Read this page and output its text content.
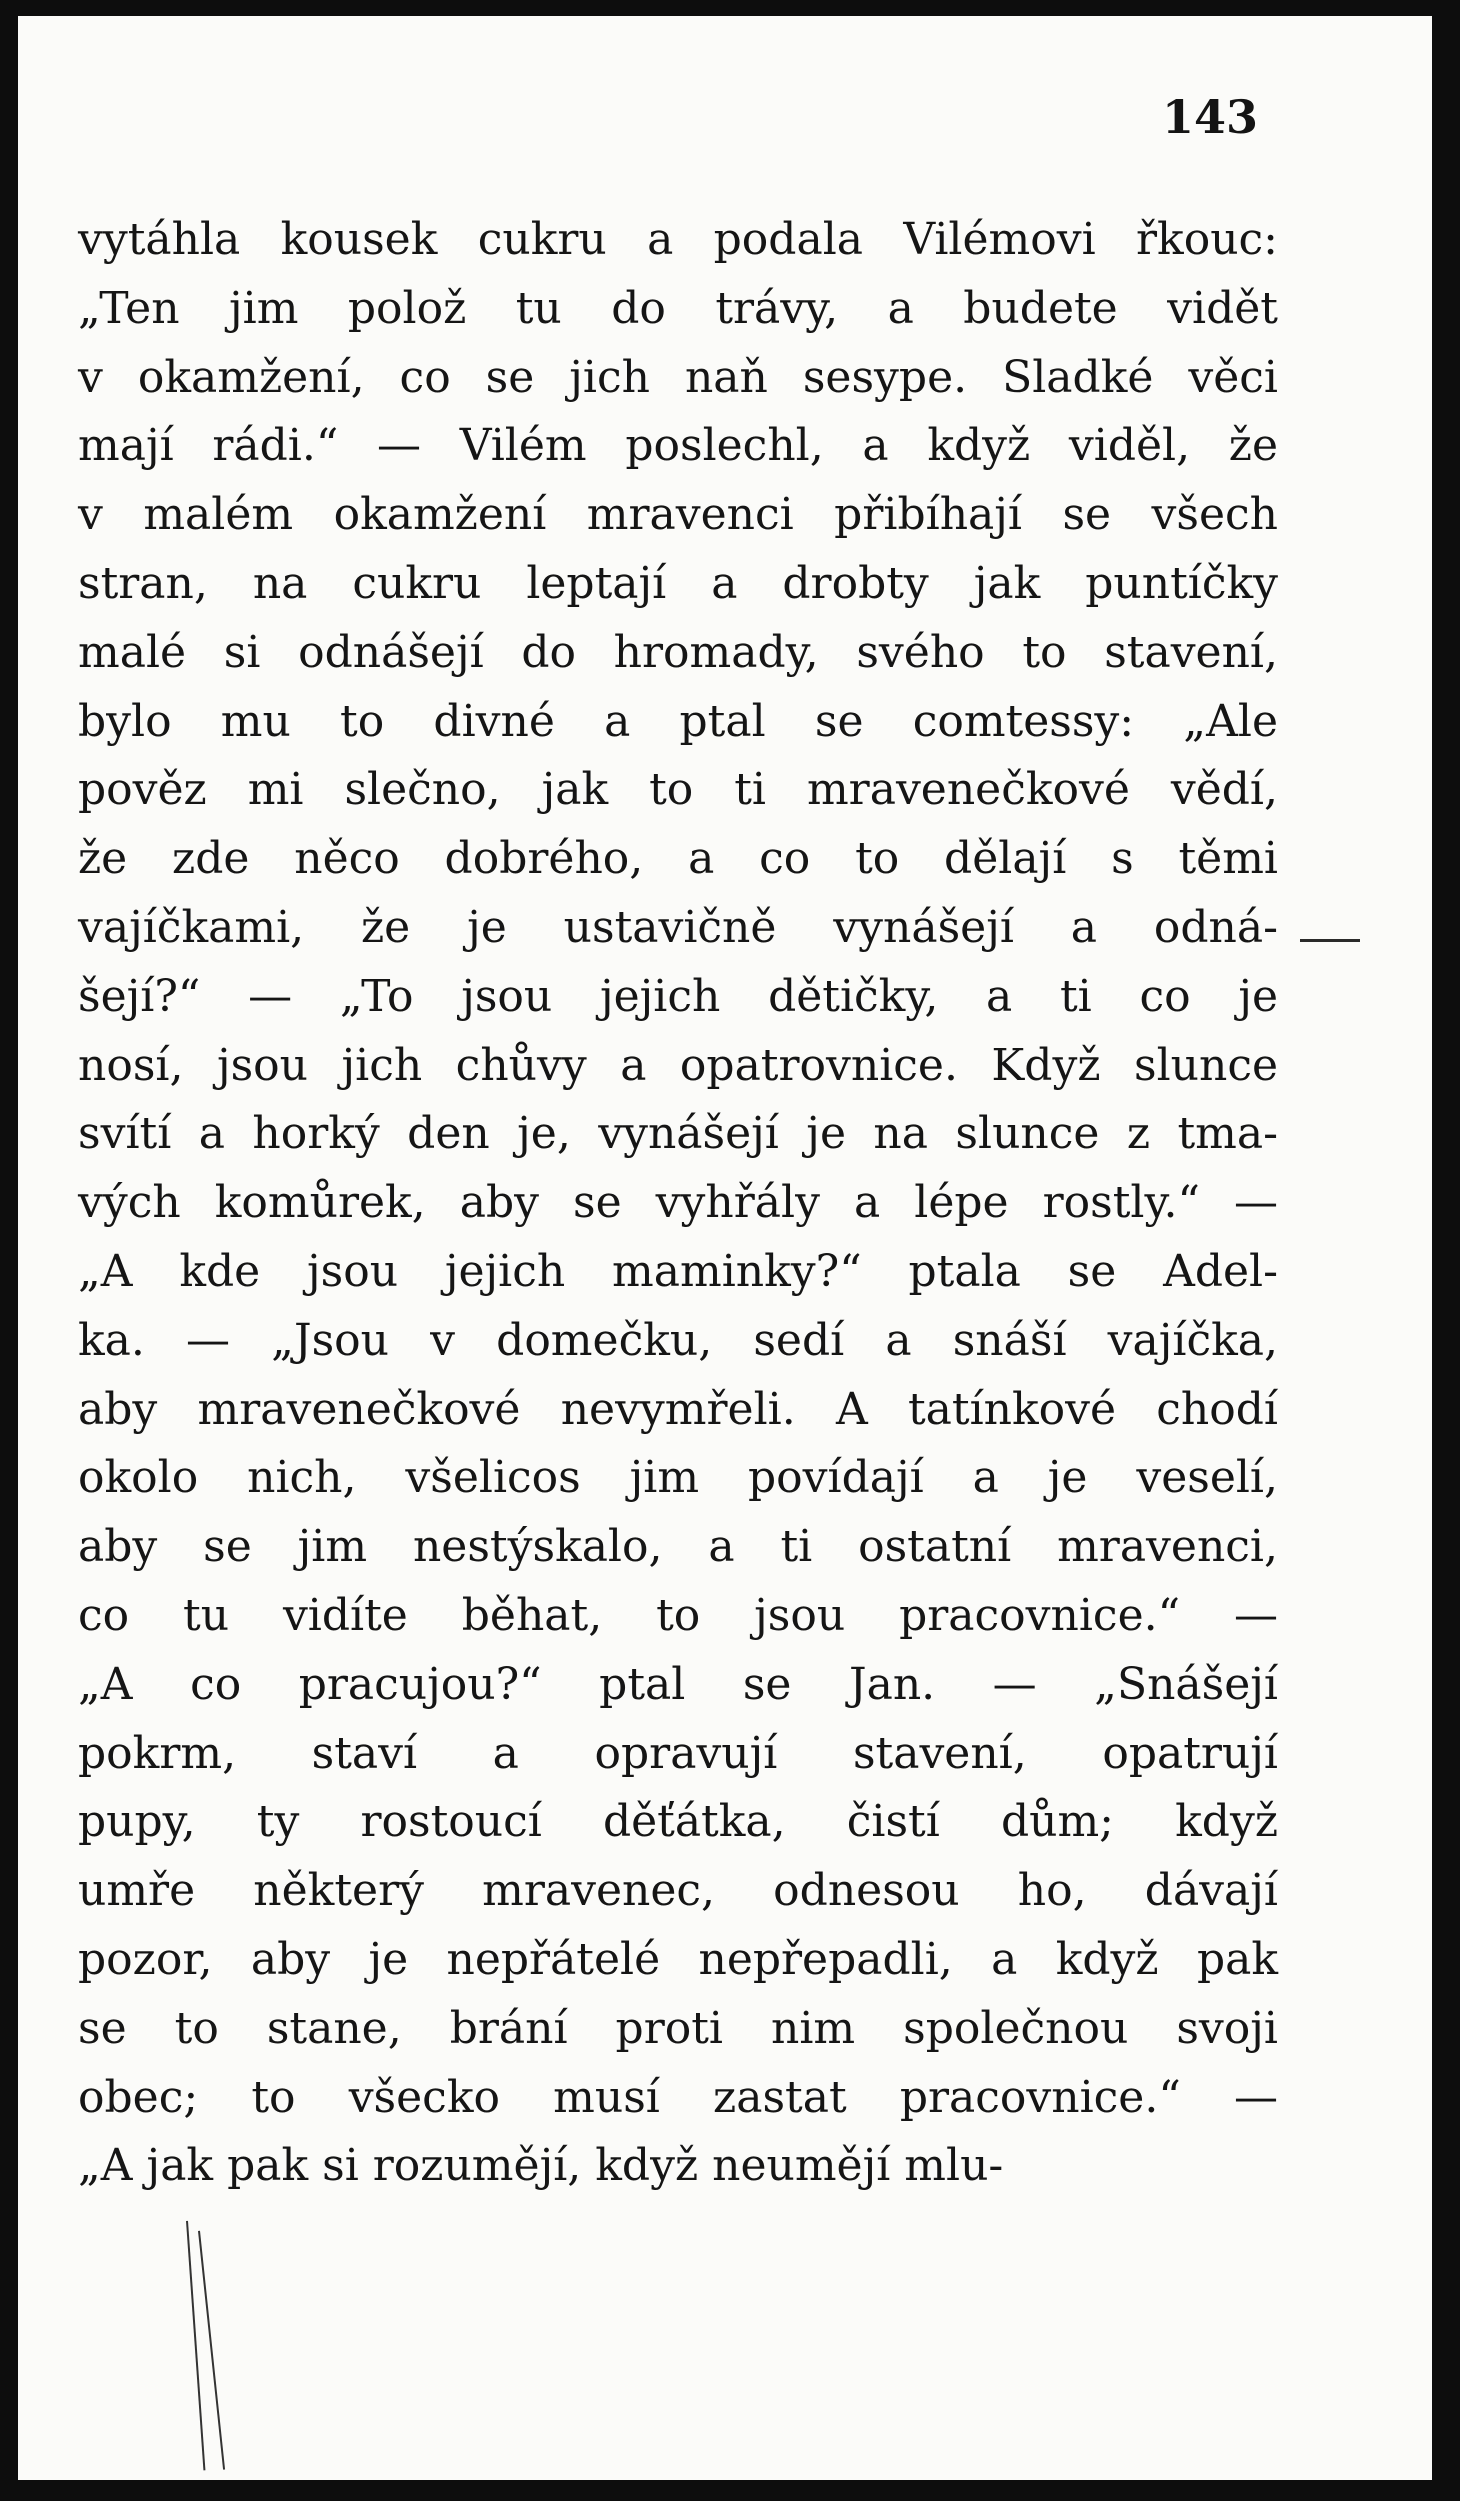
143
vytáhla kousek cukru a podala Vilémovi řkouc:
„Ten jim polož tu do trávy, a budete vidět
v okamžení, co se jich naň sesype. Sladké věci
mají rádi.“ — Vilém poslechl, a když viděl, že
v malém okamžení mravenci přibíhají se všech
stran, na cukru leptají a drobty jak puntíčky
malé si odnášejí do hromady, svého to stavení,
bylo mu to divné a ptal se comtessy: „Ale
pověz mi slečno, jak to ti mravenečkové vědí,
že zde něco dobrého, a co to dělají s těmi
vajíčkami, že je ustavičně vynášejí a odná-
šejí?“ — „To jsou jejich dětičky, a ti co je
nosí, jsou jich chůvy a opatrovnice. Když slunce
svítí a horký den je, vynášejí je na slunce z tma-
vých komůrek, aby se vyhřály a lépe rostly.“ —
„A kde jsou jejich maminky?“ ptala se Adel-
ka. — „Jsou v domečku, sedí a snáší vajíčka,
aby mravenečkové nevymřeli. A tatínkové chodí
okolo nich, všelicos jim povídají a je veselí,
aby se jim nestýskalo, a ti ostatní mravenci,
co tu vidíte běhat, to jsou pracovnice.“ —
„A co pracujou?“ ptal se Jan. — „Snášejí
pokrm, staví a opravují stavení, opatrují
pupy, ty rostoucí děťátka, čistí dům; když
umře některý mravenec, odnesou ho, dávají
pozor, aby je nepřátelé nepřepadli, a když pak
se to stane, brání proti nim společnou svoji
obec; to všecko musí zastat pracovnice.“ —
„A jak pak si rozumějí, když neumějí mlu-
